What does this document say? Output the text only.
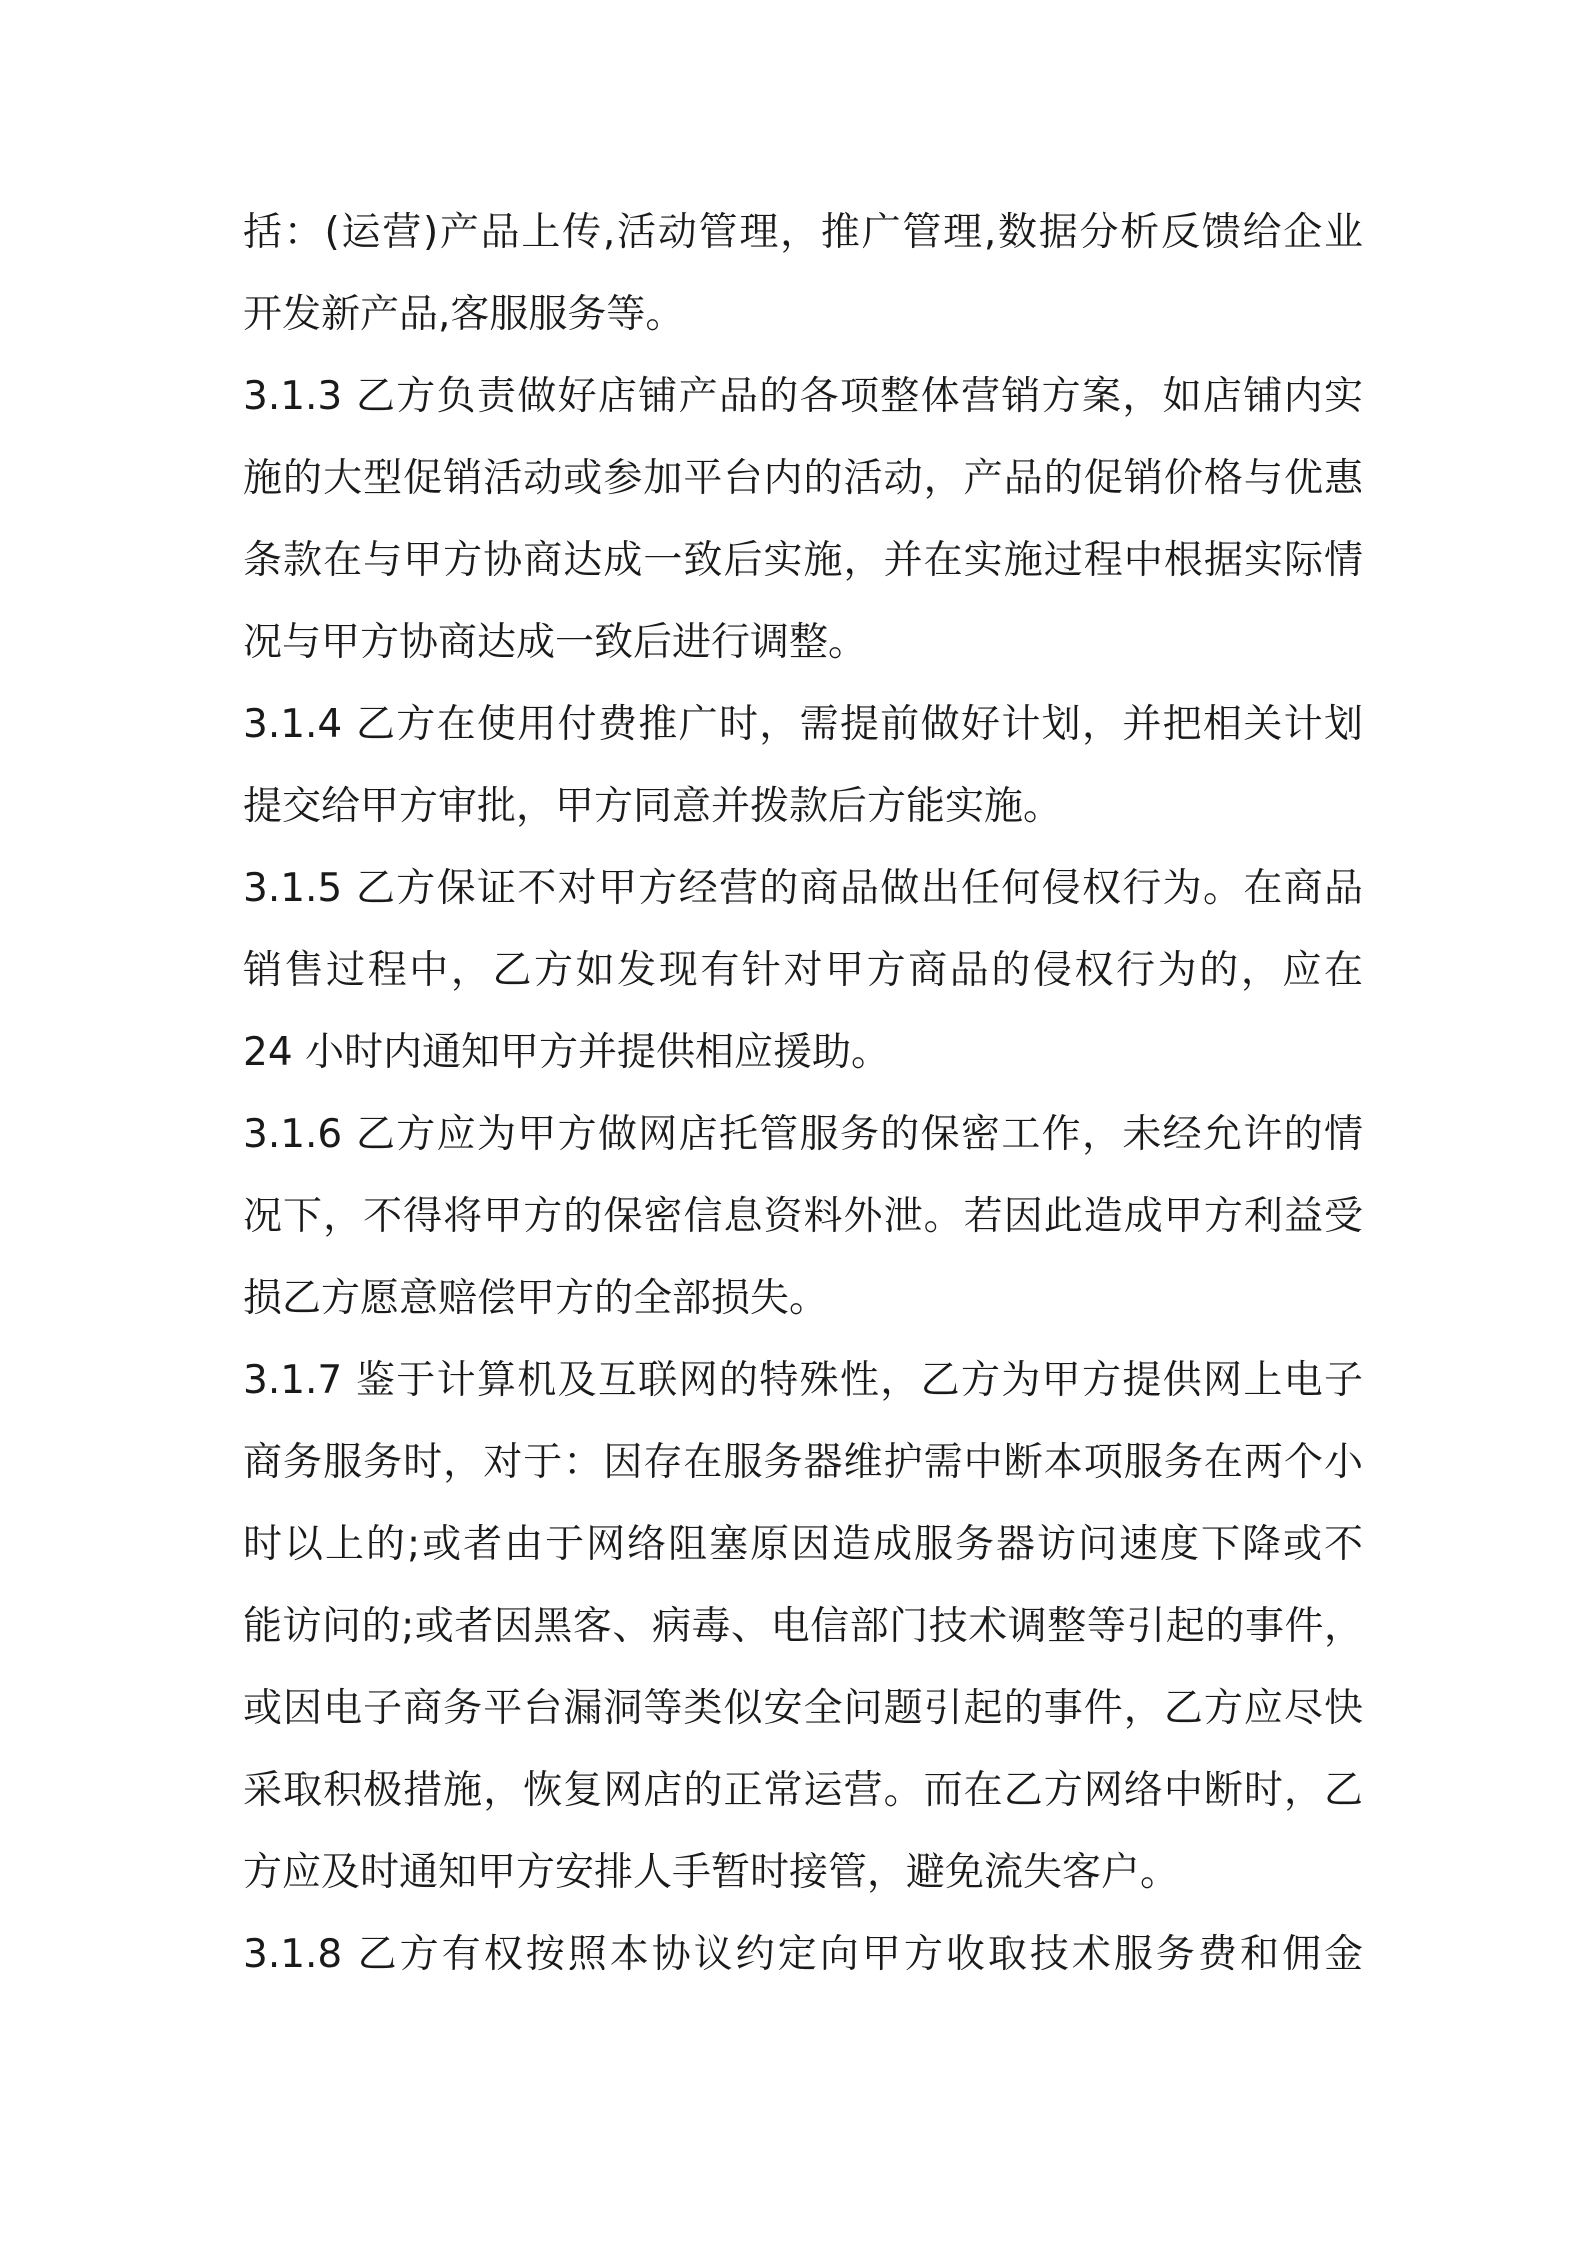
括：(运营)产品上传,活动管理，推广管理,数据分析反馈给企业
开发新产品,客服服务等。
3.1.3 乙方负责做好店铺产品的各项整体营销方案，如店铺内实
施的大型促销活动或参加平台内的活动，产品的促销价格与优惠
条款在与甲方协商达成一致后实施，并在实施过程中根据实际情
况与甲方协商达成一致后进行调整。
3.1.4 乙方在使用付费推广时，需提前做好计划，并把相关计划
提交给甲方审批，甲方同意并拨款后方能实施。
3.1.5 乙方保证不对甲方经营的商品做出任何侵权行为。在商品
销售过程中，乙方如发现有针对甲方商品的侵权行为的，应在
24 小时内通知甲方并提供相应援助。
3.1.6 乙方应为甲方做网店托管服务的保密工作，未经允许的情
况下，不得将甲方的保密信息资料外泄。若因此造成甲方利益受
损乙方愿意赔偿甲方的全部损失。
3.1.7 鉴于计算机及互联网的特殊性，乙方为甲方提供网上电子
商务服务时，对于：因存在服务器维护需中断本项服务在两个小
时以上的;或者由于网络阻塞原因造成服务器访问速度下降或不
能访问的;或者因黑客、病毒、电信部门技术调整等引起的事件，
或因电子商务平台漏洞等类似安全问题引起的事件，乙方应尽快
采取积极措施，恢复网店的正常运营。而在乙方网络中断时，乙
方应及时通知甲方安排人手暂时接管，避免流失客户。
3.1.8 乙方有权按照本协议约定向甲方收取技术服务费和佣金
